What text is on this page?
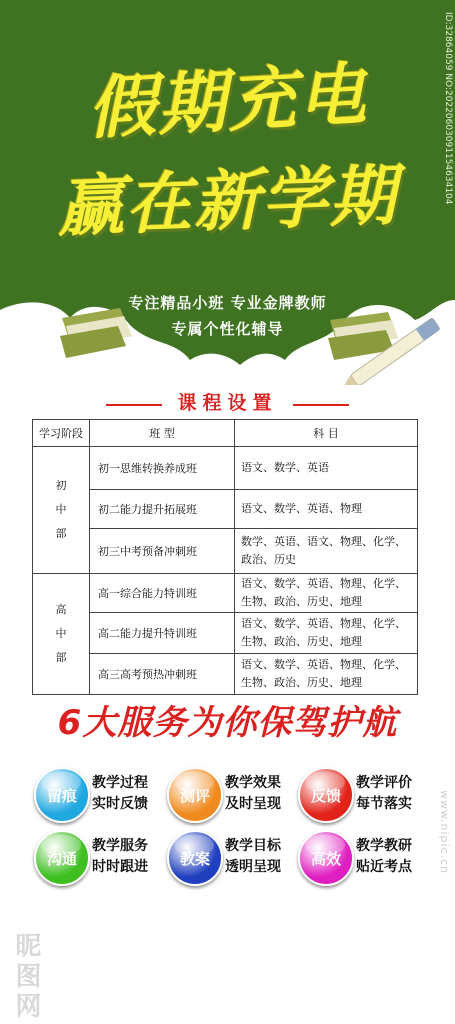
假期充电
赢在新学期
专注精品小班 专业金牌教师
专属个性化辅导
ID:32864059 NO:20220603091154634104
课程设置
学习阶段	班 型	科 目
初
中
部	初一思维转换养成班	语文、数学、英语
	初二能力提升拓展班	语文、数学、英语、物理
	初三中考预备冲刺班	数学、英语、语文、物理、化学、政治、历史
高
中
部	高一综合能力特训班	语文、数学、英语、物理、化学、生物、政治、历史、地理
	高二能力提升特训班	语文、数学、英语、物理、化学、生物、政治、历史、地理
	高三高考预热冲刺班	语文、数学、英语、物理、化学、生物、政治、历史、地理
6大服务为你保驾护航
留痕
教学过程
实时反馈	测评
教学效果
及时呈现	反馈
教学评价
每节落实
沟通
教学服务
时时跟进	教案
教学目标
透明呈现	高效
教学教研
贴近考点	www.nipic.cn
昵图网
